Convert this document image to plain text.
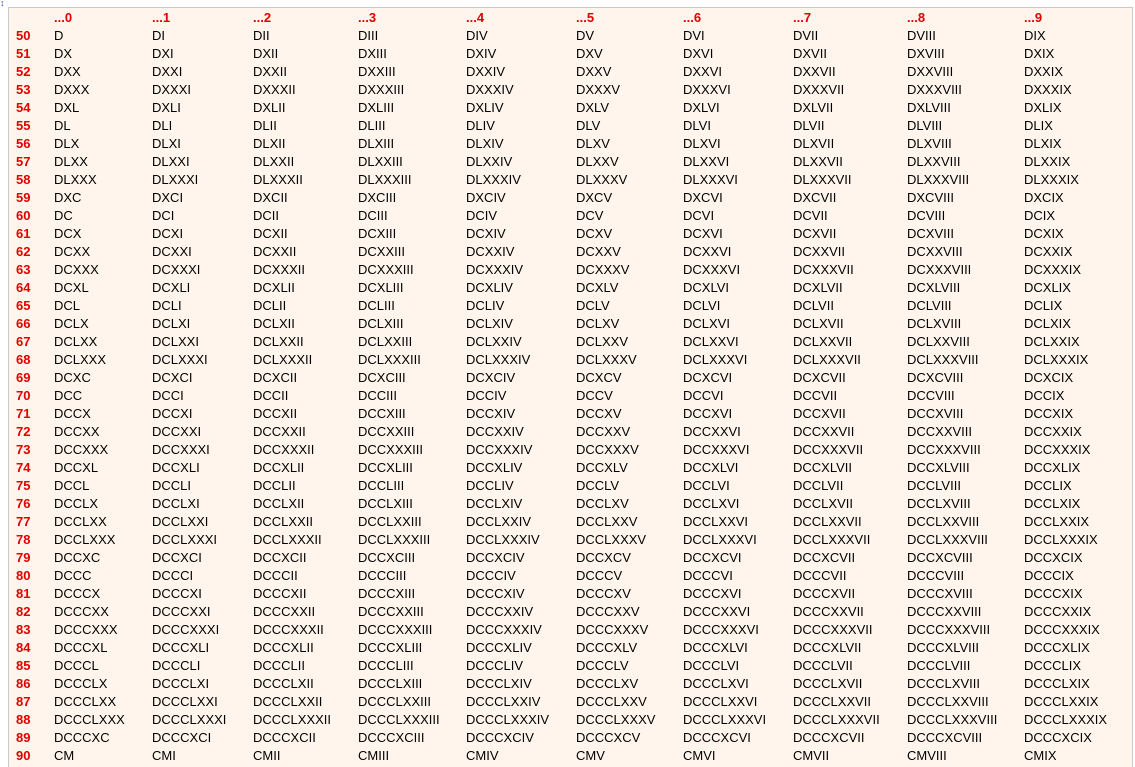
↕
	...0	...1	...2	...3	...4	...5	...6	...7	...8	...9
50	D	DI	DII	DIII	DIV	DV	DVI	DVII	DVIII	DIX
51	DX	DXI	DXII	DXIII	DXIV	DXV	DXVI	DXVII	DXVIII	DXIX
52	DXX	DXXI	DXXII	DXXIII	DXXIV	DXXV	DXXVI	DXXVII	DXXVIII	DXXIX
53	DXXX	DXXXI	DXXXII	DXXXIII	DXXXIV	DXXXV	DXXXVI	DXXXVII	DXXXVIII	DXXXIX
54	DXL	DXLI	DXLII	DXLIII	DXLIV	DXLV	DXLVI	DXLVII	DXLVIII	DXLIX
55	DL	DLI	DLII	DLIII	DLIV	DLV	DLVI	DLVII	DLVIII	DLIX
56	DLX	DLXI	DLXII	DLXIII	DLXIV	DLXV	DLXVI	DLXVII	DLXVIII	DLXIX
57	DLXX	DLXXI	DLXXII	DLXXIII	DLXXIV	DLXXV	DLXXVI	DLXXVII	DLXXVIII	DLXXIX
58	DLXXX	DLXXXI	DLXXXII	DLXXXIII	DLXXXIV	DLXXXV	DLXXXVI	DLXXXVII	DLXXXVIII	DLXXXIX
59	DXC	DXCI	DXCII	DXCIII	DXCIV	DXCV	DXCVI	DXCVII	DXCVIII	DXCIX
60	DC	DCI	DCII	DCIII	DCIV	DCV	DCVI	DCVII	DCVIII	DCIX
61	DCX	DCXI	DCXII	DCXIII	DCXIV	DCXV	DCXVI	DCXVII	DCXVIII	DCXIX
62	DCXX	DCXXI	DCXXII	DCXXIII	DCXXIV	DCXXV	DCXXVI	DCXXVII	DCXXVIII	DCXXIX
63	DCXXX	DCXXXI	DCXXXII	DCXXXIII	DCXXXIV	DCXXXV	DCXXXVI	DCXXXVII	DCXXXVIII	DCXXXIX
64	DCXL	DCXLI	DCXLII	DCXLIII	DCXLIV	DCXLV	DCXLVI	DCXLVII	DCXLVIII	DCXLIX
65	DCL	DCLI	DCLII	DCLIII	DCLIV	DCLV	DCLVI	DCLVII	DCLVIII	DCLIX
66	DCLX	DCLXI	DCLXII	DCLXIII	DCLXIV	DCLXV	DCLXVI	DCLXVII	DCLXVIII	DCLXIX
67	DCLXX	DCLXXI	DCLXXII	DCLXXIII	DCLXXIV	DCLXXV	DCLXXVI	DCLXXVII	DCLXXVIII	DCLXXIX
68	DCLXXX	DCLXXXI	DCLXXXII	DCLXXXIII	DCLXXXIV	DCLXXXV	DCLXXXVI	DCLXXXVII	DCLXXXVIII	DCLXXXIX
69	DCXC	DCXCI	DCXCII	DCXCIII	DCXCIV	DCXCV	DCXCVI	DCXCVII	DCXCVIII	DCXCIX
70	DCC	DCCI	DCCII	DCCIII	DCCIV	DCCV	DCCVI	DCCVII	DCCVIII	DCCIX
71	DCCX	DCCXI	DCCXII	DCCXIII	DCCXIV	DCCXV	DCCXVI	DCCXVII	DCCXVIII	DCCXIX
72	DCCXX	DCCXXI	DCCXXII	DCCXXIII	DCCXXIV	DCCXXV	DCCXXVI	DCCXXVII	DCCXXVIII	DCCXXIX
73	DCCXXX	DCCXXXI	DCCXXXII	DCCXXXIII	DCCXXXIV	DCCXXXV	DCCXXXVI	DCCXXXVII	DCCXXXVIII	DCCXXXIX
74	DCCXL	DCCXLI	DCCXLII	DCCXLIII	DCCXLIV	DCCXLV	DCCXLVI	DCCXLVII	DCCXLVIII	DCCXLIX
75	DCCL	DCCLI	DCCLII	DCCLIII	DCCLIV	DCCLV	DCCLVI	DCCLVII	DCCLVIII	DCCLIX
76	DCCLX	DCCLXI	DCCLXII	DCCLXIII	DCCLXIV	DCCLXV	DCCLXVI	DCCLXVII	DCCLXVIII	DCCLXIX
77	DCCLXX	DCCLXXI	DCCLXXII	DCCLXXIII	DCCLXXIV	DCCLXXV	DCCLXXVI	DCCLXXVII	DCCLXXVIII	DCCLXXIX
78	DCCLXXX	DCCLXXXI	DCCLXXXII	DCCLXXXIII	DCCLXXXIV	DCCLXXXV	DCCLXXXVI	DCCLXXXVII	DCCLXXXVIII	DCCLXXXIX
79	DCCXC	DCCXCI	DCCXCII	DCCXCIII	DCCXCIV	DCCXCV	DCCXCVI	DCCXCVII	DCCXCVIII	DCCXCIX
80	DCCC	DCCCI	DCCCII	DCCCIII	DCCCIV	DCCCV	DCCCVI	DCCCVII	DCCCVIII	DCCCIX
81	DCCCX	DCCCXI	DCCCXII	DCCCXIII	DCCCXIV	DCCCXV	DCCCXVI	DCCCXVII	DCCCXVIII	DCCCXIX
82	DCCCXX	DCCCXXI	DCCCXXII	DCCCXXIII	DCCCXXIV	DCCCXXV	DCCCXXVI	DCCCXXVII	DCCCXXVIII	DCCCXXIX
83	DCCCXXX	DCCCXXXI	DCCCXXXII	DCCCXXXIII	DCCCXXXIV	DCCCXXXV	DCCCXXXVI	DCCCXXXVII	DCCCXXXVIII	DCCCXXXIX
84	DCCCXL	DCCCXLI	DCCCXLII	DCCCXLIII	DCCCXLIV	DCCCXLV	DCCCXLVI	DCCCXLVII	DCCCXLVIII	DCCCXLIX
85	DCCCL	DCCCLI	DCCCLII	DCCCLIII	DCCCLIV	DCCCLV	DCCCLVI	DCCCLVII	DCCCLVIII	DCCCLIX
86	DCCCLX	DCCCLXI	DCCCLXII	DCCCLXIII	DCCCLXIV	DCCCLXV	DCCCLXVI	DCCCLXVII	DCCCLXVIII	DCCCLXIX
87	DCCCLXX	DCCCLXXI	DCCCLXXII	DCCCLXXIII	DCCCLXXIV	DCCCLXXV	DCCCLXXVI	DCCCLXXVII	DCCCLXXVIII	DCCCLXXIX
88	DCCCLXXX	DCCCLXXXI	DCCCLXXXII	DCCCLXXXIII	DCCCLXXXIV	DCCCLXXXV	DCCCLXXXVI	DCCCLXXXVII	DCCCLXXXVIII	DCCCLXXXIX
89	DCCCXC	DCCCXCI	DCCCXCII	DCCCXCIII	DCCCXCIV	DCCCXCV	DCCCXCVI	DCCCXCVII	DCCCXCVIII	DCCCXCIX
90	CM	CMI	CMII	CMIII	CMIV	CMV	CMVI	CMVII	CMVIII	CMIX
